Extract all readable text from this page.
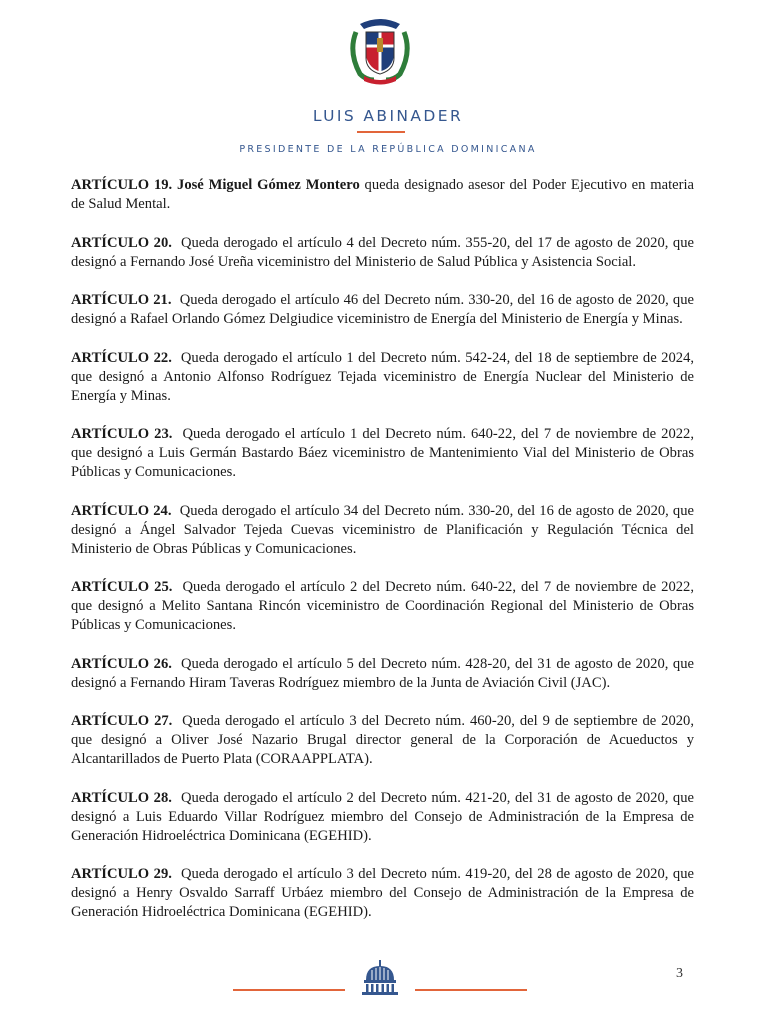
LUIS ABINADER
PRESIDENTE DE LA REPÚBLICA DOMINICANA

ARTÍCULO 19. José Miguel Gómez Montero queda designado asesor del Poder Ejecutivo en materia de Salud Mental.

ARTÍCULO 20. Queda derogado el artículo 4 del Decreto núm. 355-20, del 17 de agosto de 2020, que designó a Fernando José Ureña viceministro del Ministerio de Salud Pública y Asistencia Social.

ARTÍCULO 21. Queda derogado el artículo 46 del Decreto núm. 330-20, del 16 de agosto de 2020, que designó a Rafael Orlando Gómez Delgiudice viceministro de Energía del Ministerio de Energía y Minas.

ARTÍCULO 22. Queda derogado el artículo 1 del Decreto núm. 542-24, del 18 de septiembre de 2024, que designó a Antonio Alfonso Rodríguez Tejada viceministro de Energía Nuclear del Ministerio de Energía y Minas.

ARTÍCULO 23. Queda derogado el artículo 1 del Decreto núm. 640-22, del 7 de noviembre de 2022, que designó a Luis Germán Bastardo Báez viceministro de Mantenimiento Vial del Ministerio de Obras Públicas y Comunicaciones.

ARTÍCULO 24. Queda derogado el artículo 34 del Decreto núm. 330-20, del 16 de agosto de 2020, que designó a Ángel Salvador Tejeda Cuevas viceministro de Planificación y Regulación Técnica del Ministerio de Obras Públicas y Comunicaciones.

ARTÍCULO 25. Queda derogado el artículo 2 del Decreto núm. 640-22, del 7 de noviembre de 2022, que designó a Melito Santana Rincón viceministro de Coordinación Regional del Ministerio de Obras Públicas y Comunicaciones.

ARTÍCULO 26. Queda derogado el artículo 5 del Decreto núm. 428-20, del 31 de agosto de 2020, que designó a Fernando Hiram Taveras Rodríguez miembro de la Junta de Aviación Civil (JAC).

ARTÍCULO 27. Queda derogado el artículo 3 del Decreto núm. 460-20, del 9 de septiembre de 2020, que designó a Oliver José Nazario Brugal director general de la Corporación de Acueductos y Alcantarillados de Puerto Plata (CORAAPPLATA).

ARTÍCULO 28. Queda derogado el artículo 2 del Decreto núm. 421-20, del 31 de agosto de 2020, que designó a Luis Eduardo Villar Rodríguez miembro del Consejo de Administración de la Empresa de Generación Hidroeléctrica Dominicana (EGEHID).

ARTÍCULO 29. Queda derogado el artículo 3 del Decreto núm. 419-20, del 28 de agosto de 2020, que designó a Henry Osvaldo Sarraff Urbáez miembro del Consejo de Administración de la Empresa de Generación Hidroeléctrica Dominicana (EGEHID).

3
